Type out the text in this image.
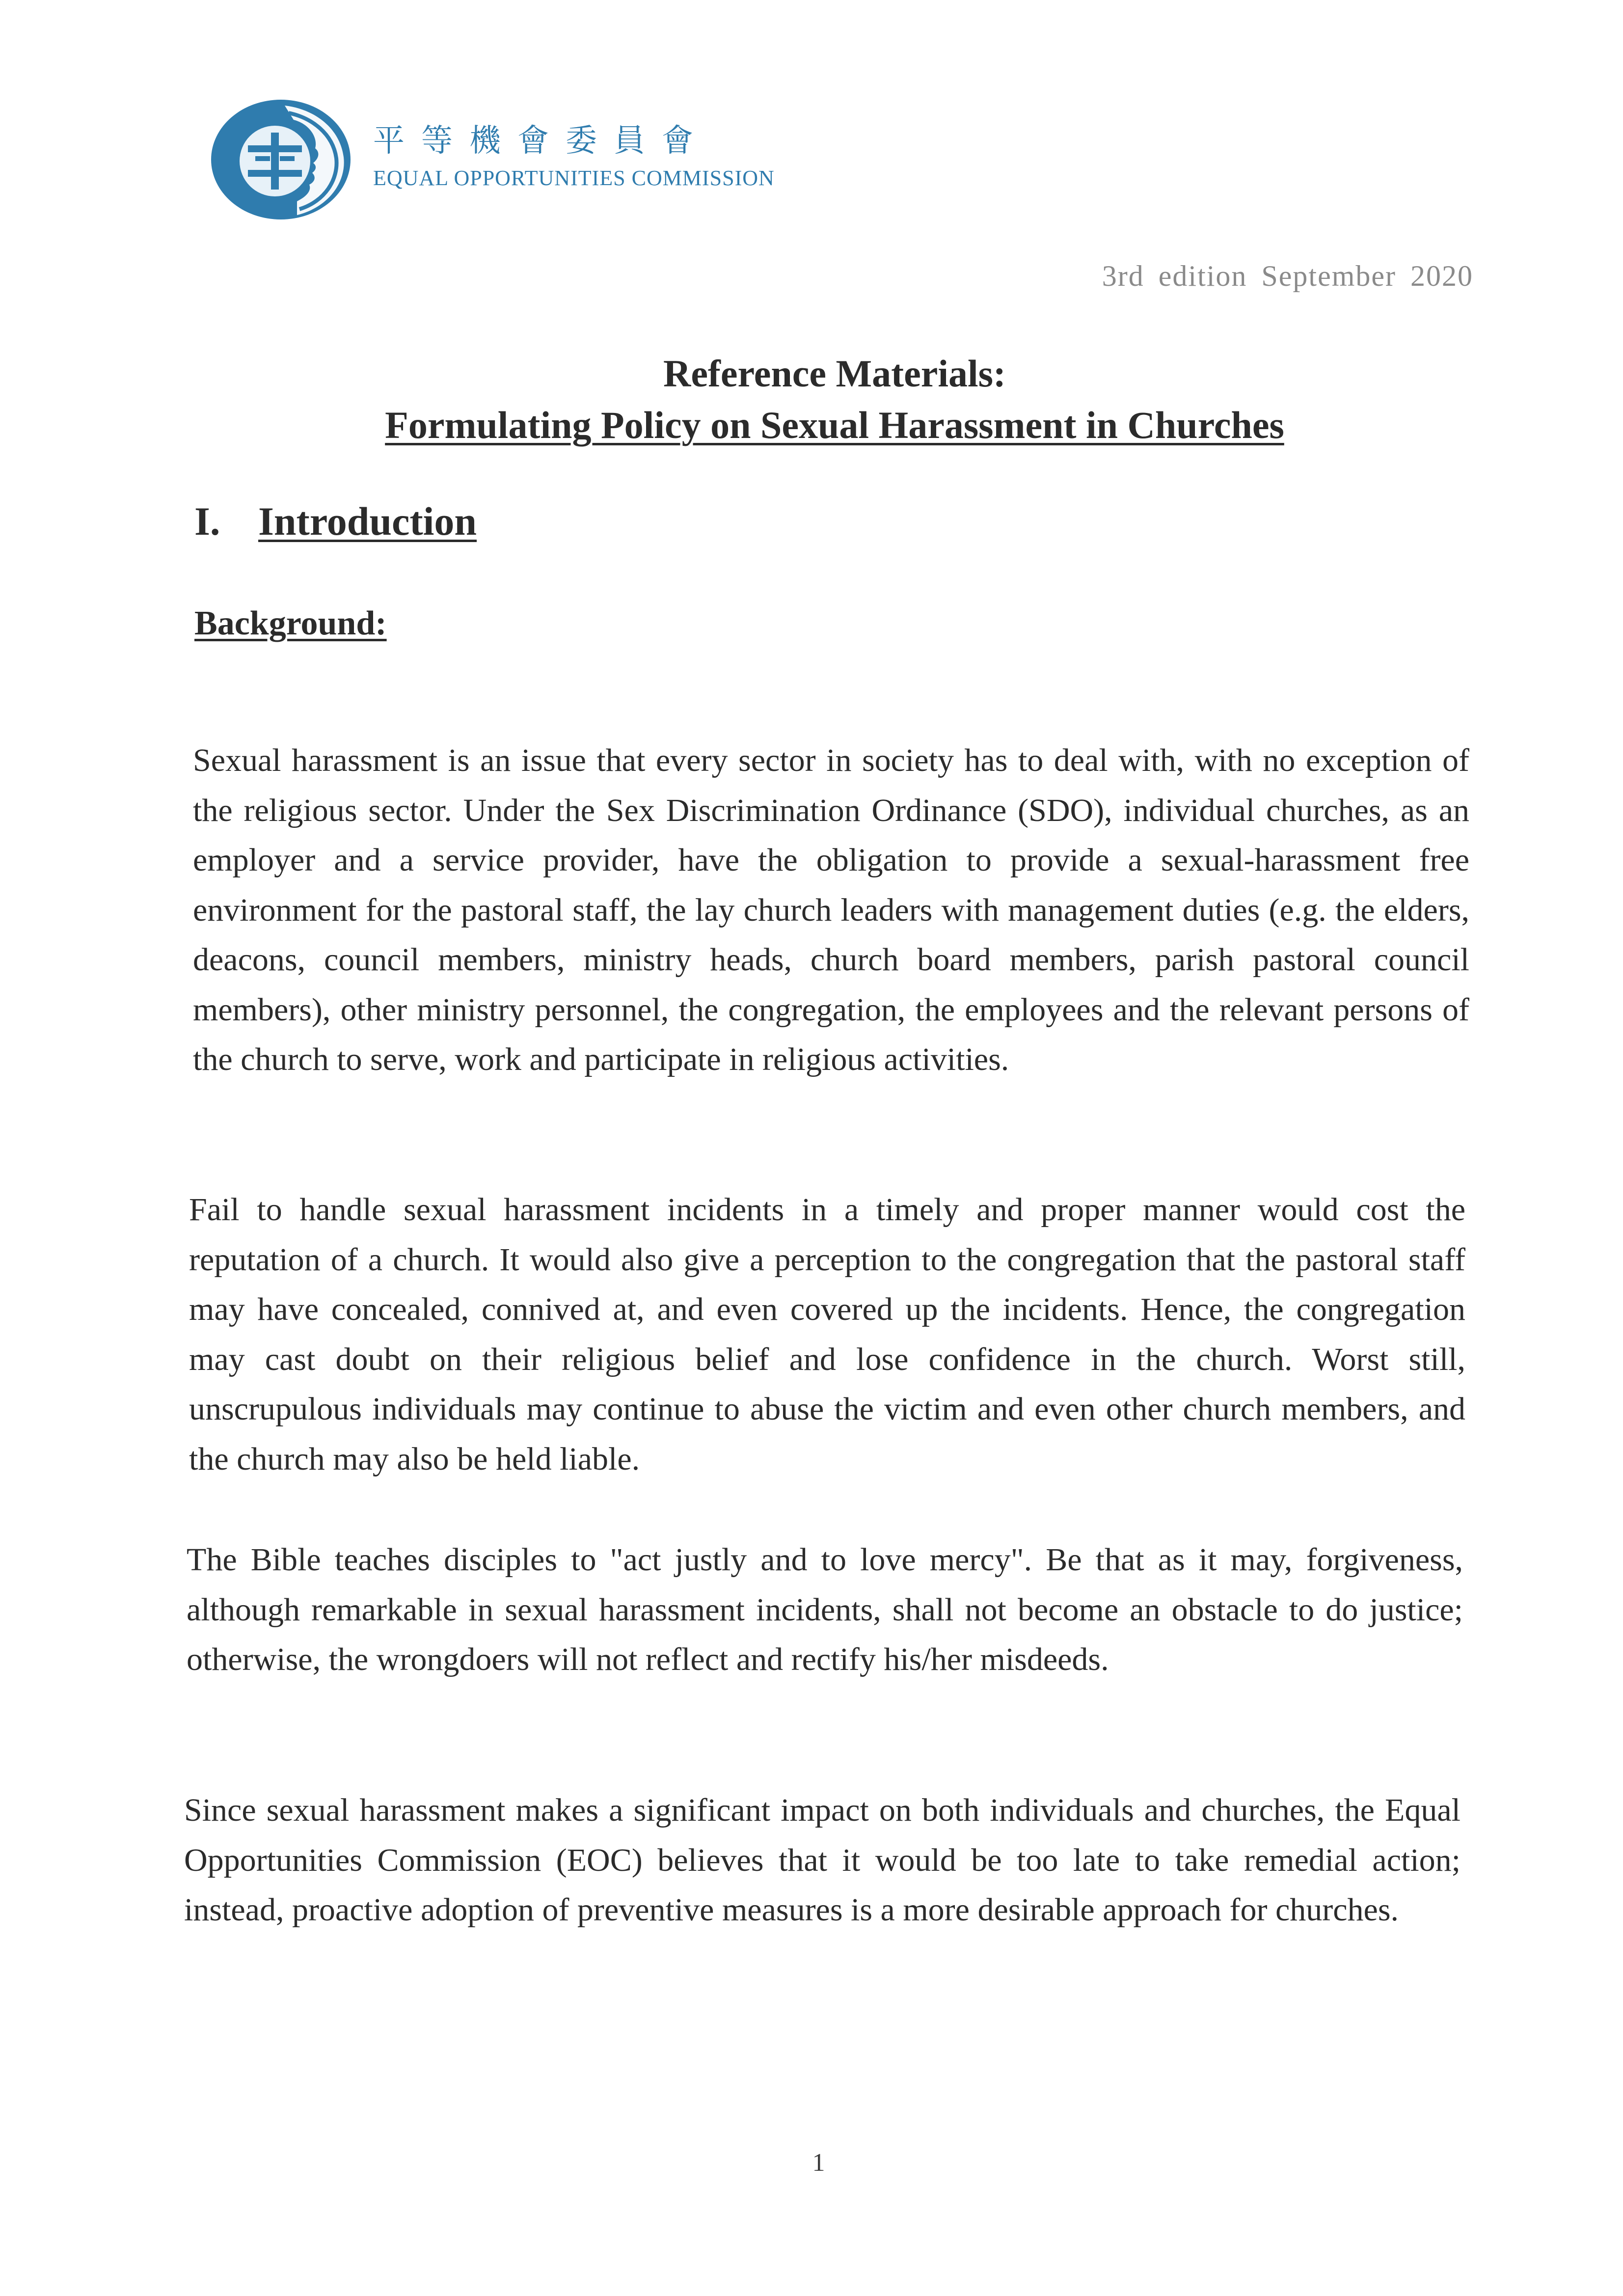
平等機會委員會
EQUAL OPPORTUNITIES COMMISSION
3rd edition September 2020
Reference Materials:
Formulating Policy on Sexual Harassment in Churches
I. Introduction
Background:

Sexual harassment is an issue that every sector in society has to deal with, with no exception of the religious sector. Under the Sex Discrimination Ordinance (SDO), individual churches, as an employer and a service provider, have the obligation to provide a sexual-harassment free environment for the pastoral staff, the lay church leaders with management duties (e.g. the elders, deacons, council members, ministry heads, church board members, parish pastoral council members), other ministry personnel, the congregation, the employees and the relevant persons of the church to serve, work and participate in religious activities.

Fail to handle sexual harassment incidents in a timely and proper manner would cost the reputation of a church. It would also give a perception to the congregation that the pastoral staff may have concealed, connived at, and even covered up the incidents. Hence, the congregation may cast doubt on their religious belief and lose confidence in the church. Worst still, unscrupulous individuals may continue to abuse the victim and even other church members, and the church may also be held liable.

The Bible teaches disciples to "act justly and to love mercy". Be that as it may, forgiveness, although remarkable in sexual harassment incidents, shall not become an obstacle to do justice; otherwise, the wrongdoers will not reflect and rectify his/her misdeeds.

Since sexual harassment makes a significant impact on both individuals and churches, the Equal Opportunities Commission (EOC) believes that it would be too late to take remedial action; instead, proactive adoption of preventive measures is a more desirable approach for churches.

1
